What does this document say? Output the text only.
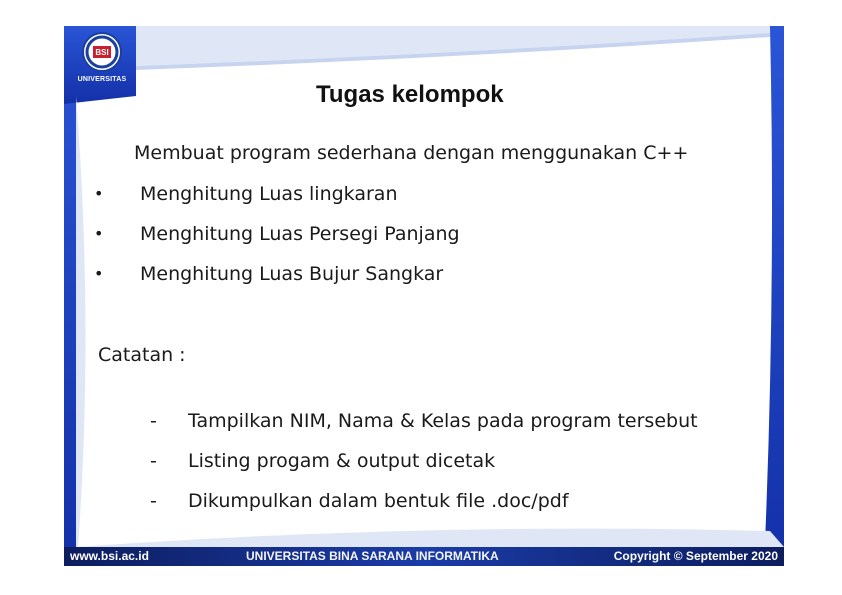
BSI
UNIVERSITAS
Tugas kelompok
Membuat program sederhana dengan menggunakan C++
• Menghitung Luas lingkaran
• Menghitung Luas Persegi Panjang
• Menghitung Luas Bujur Sangkar
Catatan :
- Tampilkan NIM, Nama & Kelas pada program tersebut
- Listing progam & output dicetak
- Dikumpulkan dalam bentuk file .doc/pdf
www.bsi.ac.id	UNIVERSITAS BINA SARANA INFORMATIKA	Copyright © September 2020
